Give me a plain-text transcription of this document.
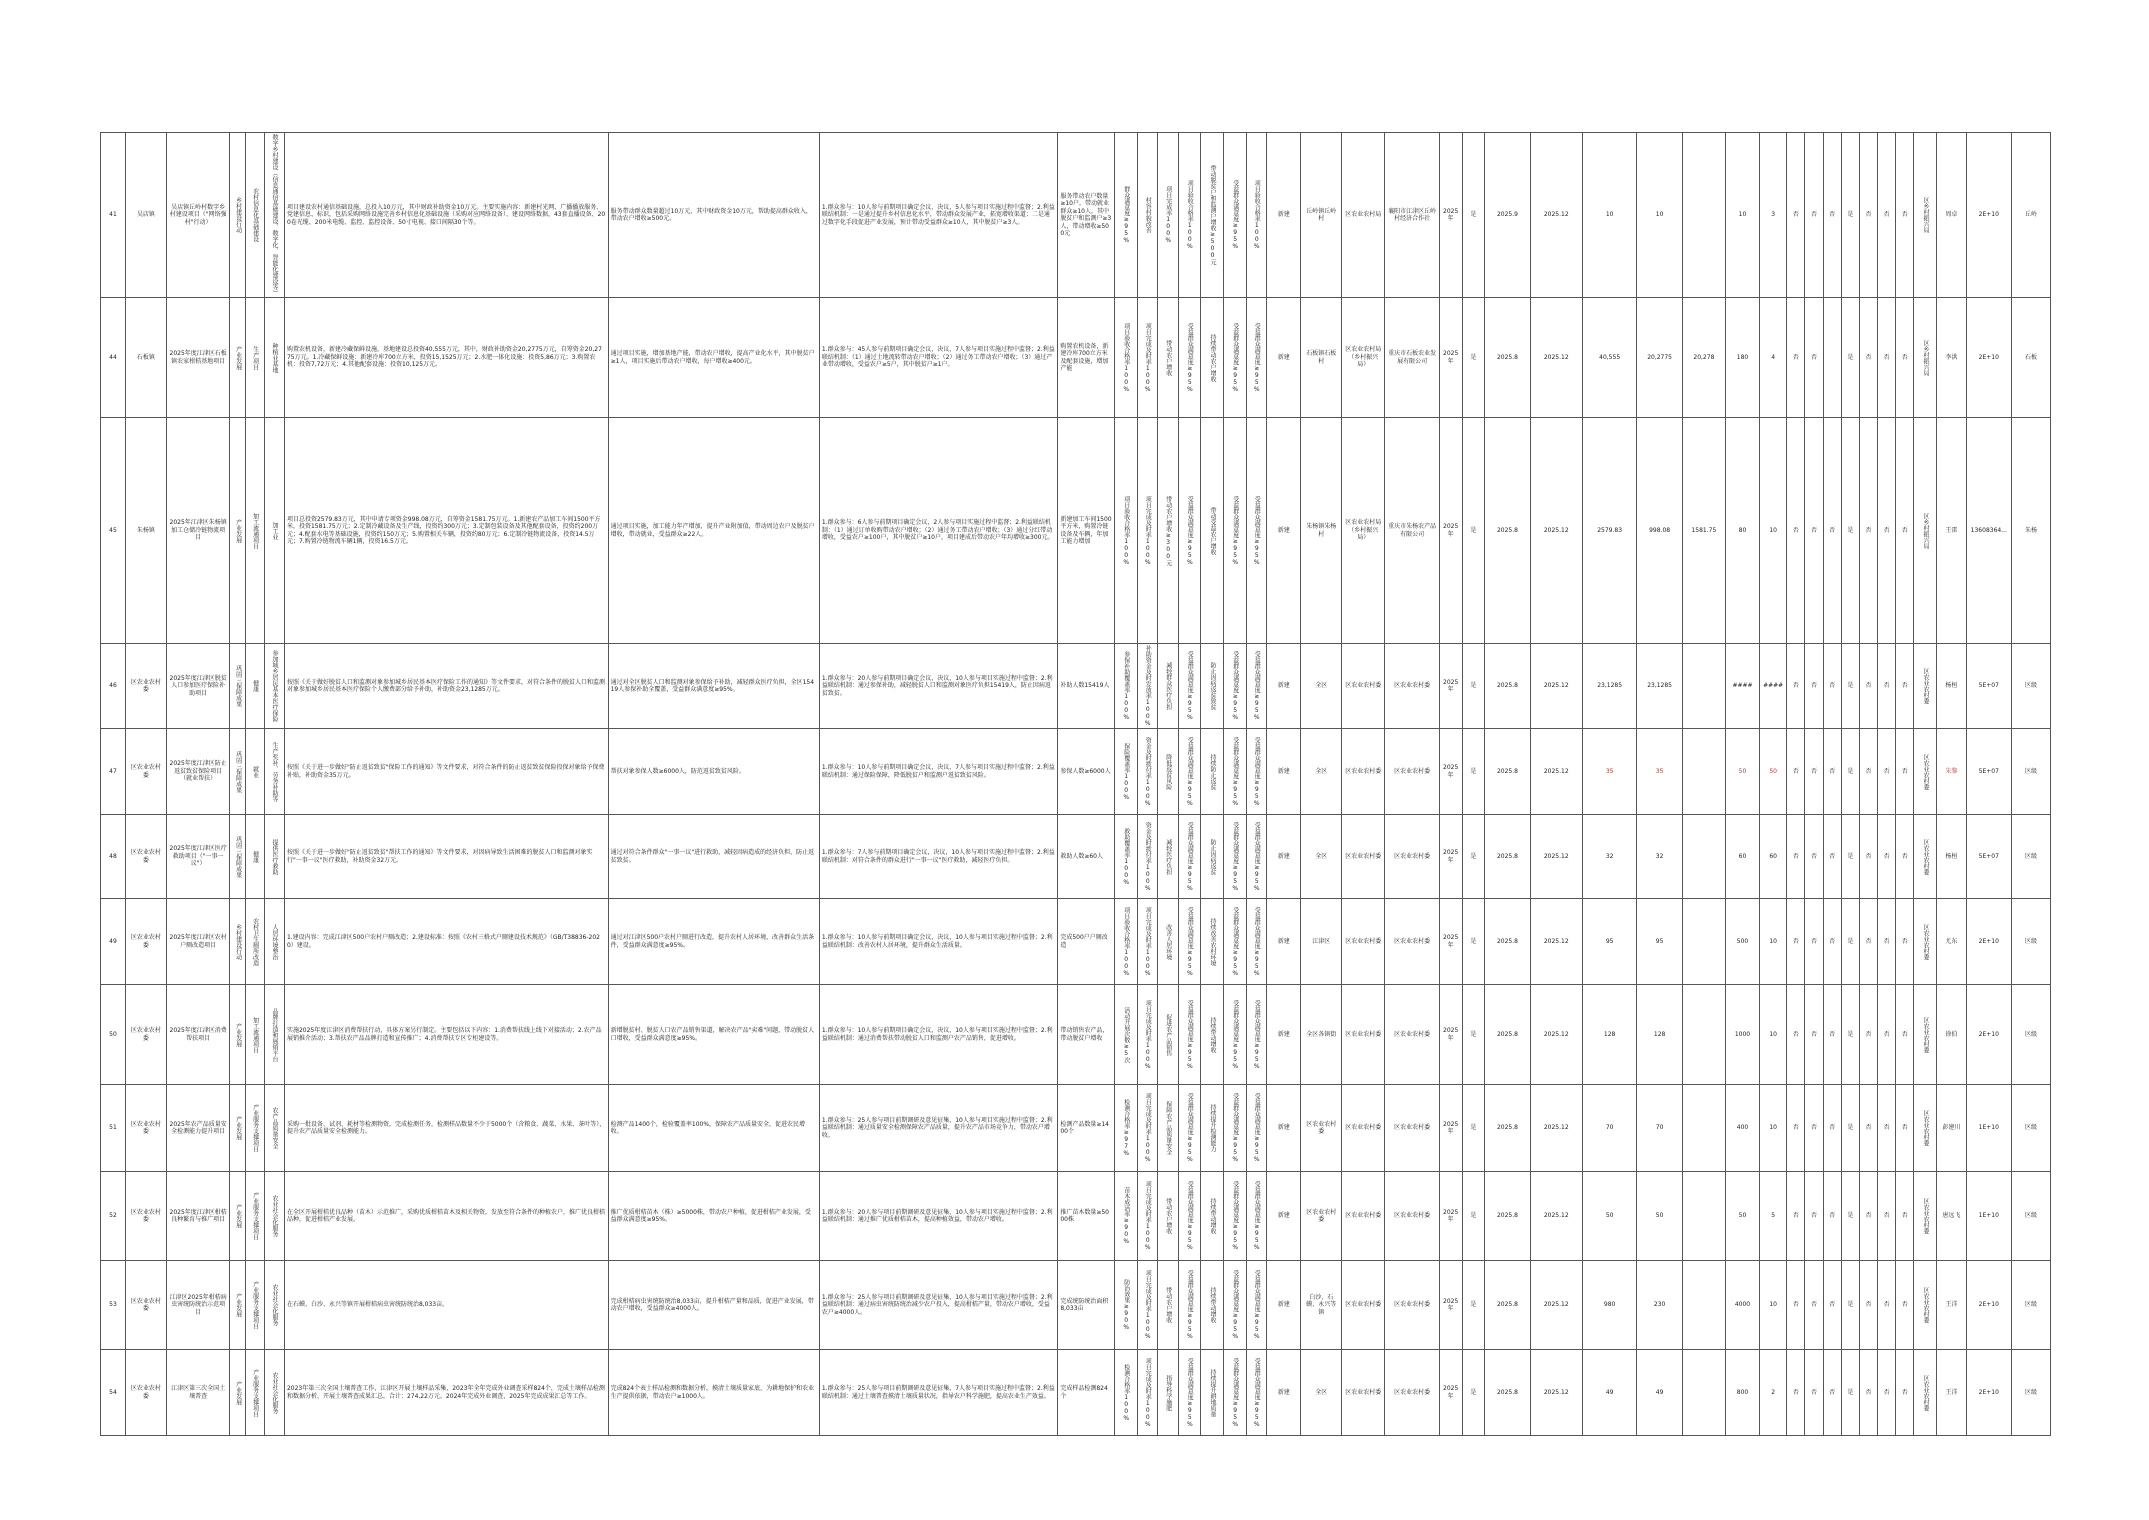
41	吴店镇	吴店镇丘岭村数字乡村建设项目（"网络强村"行动）	乡村建设行动	农村信息化基础建设	数字乡村建设（信息通信基础建设、数字化、智能化建设等）	项目建设农村通信基础设施，总投入10万元，其中财政补助资金10万元。主要实施内容：新建村光网、广播播放服务、党建信息、标识，包括采购网络设施完善乡村信息化基础设施（采购对应网络设备）、建设网络数据，43套直播设备、200卷光缆、200米电缆、监控、监控设备、50寸电视、接口间隔30个等。	服务带动群众数量超过10万元，其中财政资金10万元，帮助提高群众收入，带动农户增收≥500元。	1.群众参与：10人参与前期项目确定会议、决议，5人参与项目实施过程中监督；2.利益联结机制：一是通过提升乡村信息化水平，带动群众发展产业，拓宽增收渠道；二是通过数字化手段促进产业发展，预计带动受益群众≥10人，其中脱贫户≥3人。	服务带动农户数量≥10户，带动就业群众≥10人，其中脱贫户和监测户≥3人，带动增收≥500元	群众满意度≥95%	村容村貌改善	项目完成率100%	项目验收合格率100%	带动脱贫户和监测户增收≥500元	受益群众满意度≥95%	项目验收合格率100%	新建	丘岭镇丘岭村	区农业农村局	襄阳市江津区丘岭村经济合作社	2025年	是	2025.9	2025.12	10	10		10	3	否	否	否	是	否	否	否	区乡村振兴局	周卓	2E+10	丘岭
44	石板镇	2025年度江津区石板镇农家柑桔基地项目	产业发展	生产项目	种植业基地	购置农机设备，新建冷藏保鲜设施，基地建设总投资40,555万元，其中，财政补助资金20,2775万元，自筹资金20,2775万元。1.冷藏保鲜设施：新建冷库700立方米，投资15,1525万元；2.水肥一体化设施：投资5,86万元；3.购置农机：投资7,72万元；4.其他配套设施：投资10,125万元。	通过项目实施，增加基地产能，带动农户增收，提高产业化水平，其中脱贫户≥1人，项目实施后带动农户增收，每户增收≥400元。	1.群众参与：45人参与前期项目确定会议，决议，7人参与项目实施过程中监督；2.利益联结机制：（1）通过土地流转带动农户增收；（2）通过务工带动农户增收；（3）通过产业带动增收，受益农户≥5户，其中脱贫户≥1户。	购置农机设备，新建冷库700立方米及配套设施，增加产能	项目验收合格率100%	项目完成及时率100%	带动农户增收	受益群众满意度≥95%	持续带动农户增收	受益群众满意度≥95%	受益群众满意度≥95%	新建	石板镇石板村	区农业农村局（乡村振兴局）	重庆市石板农业发展有限公司	2025年	是	2025.8	2025.12	40,555	20,2775	20,278	180	4	否	否		是	否	否	否	区乡村振兴局	李洪	2E+10	石板
45	朱杨镇	2025年江津区朱杨镇加工仓储冷链物流项目	产业发展	加工流通项目	加工业	项目总投资2579.83万元，其中申请专项资金998.08万元，自筹资金1581.75万元。1.新建农产品加工车间1500平方米，投资1581.75万元；2.定制冷藏设备及生产线，投资约300万元；3.定制包装设备及其他配套设备，投资约200万元；4.配套水电等基础设施，投资约150万元；5.购置相关车辆，投资约80万元；6.定制冷链物流设备，投资14.5万元；7.购置冷链物流车辆1辆，投资16.5万元。	通过项目实施，加工能力年产增加，提升产业附加值，带动周边农户及脱贫户增收，带动就业，受益群众≥22人。	1.群众参与：6人参与前期项目确定会议，2人参与项目实施过程中监督；2.利益联结机制：（1）通过订单收购带动农户增收；（2）通过务工带动农户增收；（3）通过分红带动增收，受益农户≥100户，其中脱贫户≥10户，项目建成后带动农户年均增收≥300元。	新建加工车间1500平方米，购置冷链设备及车辆，年加工能力增加	项目验收合格率100%	项目完成及时率100%	带动农户增收≥300元	受益群众满意度≥95%	带动受益农户增收	受益群众满意度≥95%	受益群众满意度≥95%	新建	朱杨镇朱杨村	区农业农村局（乡村振兴局）	重庆市朱杨农产品有限公司	2025年	是	2025.8	2025.12	2579.83	998.08	1581.75	80	10	否	否	否	是	否	否	否	区乡村振兴局	王雷	13608364...	朱杨
46	区农业农村委	2025年度江津区脱贫人口参加医疗保险补助项目	巩固三保障成果	健康	参加城乡居民基本医疗保险	按照《关于做好脱贫人口和监测对象参加城乡居民基本医疗保险工作的通知》等文件要求，对符合条件的脱贫人口和监测对象参加城乡居民基本医疗保险个人缴费部分给予补助，补助资金23,1285万元。	通过对全区脱贫人口和监测对象参保给予补助，减轻群众医疗负担，全区15419人参保补助全覆盖，受益群众满意度≥95%。	1.群众参与：20人参与前期项目确定会议，决议，10人参与项目实施过程中监督；2.利益联结机制：通过参保补助，减轻脱贫人口和监测对象医疗负担15419人，防止因病返贫致贫。	补助人数15419人	参保补助覆盖率100%	补助资金及时发放率100%	减轻群众医疗负担	受益群众满意度≥95%	防止因病返贫致贫	受益群众满意度≥95%	受益群众满意度≥95%	新建	全区	区农业农村委	区农业农村委	2025年	是	2025.8	2025.12	23,1285	23,1285		####	####	否	否	否	是	否	否	否	区农业农村委	杨桓	5E+07	区级
47	区农业农村委	2025年度江津区防止返贫致贫保险项目（就业帮扶）	巩固三保障成果	就业	生产奖补、劳务补助等	按照《关于进一步做好"防止返贫致贫"保险工作的通知》等文件要求，对符合条件的防止返贫致贫保险投保对象给予保费补贴，补助资金35万元。	帮扶对象参保人数≥6000人，防范返贫致贫风险。	1.群众参与：10人参与前期项目确定会议，决议，7人参与项目实施过程中监督；2.利益联结机制：通过保险保障，降低脱贫户和监测户返贫致贫风险。	参保人数≥6000人	保险覆盖率100%	资金及时拨付率100%	降低返贫风险	受益群众满意度≥95%	持续防止返贫	受益群众满意度≥95%	受益群众满意度≥95%	新建	全区	区农业农村委	区农业农村委	2025年	是	2025.8	2025.12	35	35		50	50	否	否	否	是	否	否	否	区农业农村委	朱黎	5E+07	区级
48	区农业农村委	2025年度江津区医疗救助项目（"一事一议"）	巩固三保障成果	健康	提供医疗救助	按照《关于进一步做好"防止返贫致贫"帮扶工作的通知》等文件要求，对因病导致生活困难的脱贫人口和监测对象实行"一事一议"医疗救助，补助资金32万元。	通过对符合条件群众"一事一议"进行救助，减轻因病造成的经济负担，防止返贫致贫。	1.群众参与：7人参与前期项目确定会议，决议，10人参与项目实施过程中监督；2.利益联结机制：对符合条件的群众进行"一事一议"医疗救助，减轻医疗负担。	救助人数≥60人	救助覆盖率100%	资金及时拨付率100%	减轻医疗负担	受益群众满意度≥95%	防止因病返贫	受益群众满意度≥95%	受益群众满意度≥95%	新建	全区	区农业农村委	区农业农村委	2025年	是	2025.8	2025.12	32	32		60	60	否	否	否	是	否	否	否	区农业农村委	杨桓	5E+07	区级
49	区农业农村委	2025年度江津区农村户厕改造项目	乡村建设行动	农村卫生厕所改造	人居环境整治	1.建设内容：完成江津区500户农村户厕改造；2.建设标准：按照《农村三格式户厕建设技术规范》（GB/T38836-2020）建设。	通过对江津区500户农村户厕进行改造，提升农村人居环境，改善群众生活条件，受益群众满意度≥95%。	1.群众参与：10人参与前期项目确定会议，决议，10人参与项目实施过程中监督；2.利益联结机制：改善农村人居环境，提升群众生活质量。	完成500户户厕改造	项目验收合格率100%	项目完成及时率100%	改善人居环境	受益群众满意度≥95%	持续改善农村环境	受益群众满意度≥95%	受益群众满意度≥95%	新建	江津区	区农业农村委	区农业农村委	2025年	是	2025.8	2025.12	95	95		500	10	否	否	否	是	否	否	否	区农业农村委	尤东	2E+10	区级
50	区农业农村委	2025年度江津区消费帮扶项目	产业发展	加工流通项目	品牌打造和展销平台	实施2025年度江津区消费帮扶行动，具体方案另行制定。主要包括以下内容：1.消费帮扶线上线下对接活动；2.农产品展销推介活动；3.帮扶农产品品牌打造和宣传推广；4.消费帮扶专区专柜建设等。	新增脱贫村、脱贫人口农产品销售渠道，解决农产品"卖难"问题，带动脱贫人口增收，受益群众满意度≥95%。	1.群众参与：10人参与前期项目确定会议，决议，10人参与项目实施过程中监督；2.利益联结机制：通过消费帮扶带动脱贫人口和监测户农产品销售，促进增收。	带动销售农产品，带动脱贫户增收	活动开展次数≥5次	项目完成及时率100%	促进农产品销售	受益群众满意度≥95%	持续带动增收	受益群众满意度≥95%	受益群众满意度≥95%	新建	全区各镇街	区农业农村委	区农业农村委	2025年	是	2025.8	2025.12	128	128		1000	10	否	否	否	是	否	否	否	区农业农村委	徐伯	2E+10	区级
51	区农业农村委	2025年农产品质量安全检测能力提升项目	产业发展	产业服务支撑项目	农产品质量安全	采购一批设备、试剂、耗材等检测物资，完成检测任务，检测样品数量不少于5000个（含粮食、蔬菜、水果、茶叶等），提升农产品质量安全检测能力。	检测产品1400个，检验覆盖率100%，保障农产品质量安全，促进农民增收。	1.群众参与：25人参与项目前期调研及意见征集，10人参与项目实施过程中监督；2.利益联结机制：通过质量安全检测保障农产品质量，提升农产品市场竞争力，带动农户增收。	检测产品数量≥1400个	检测合格率≥97%	项目完成及时率100%	保障农产品质量安全	受益群众满意度≥95%	持续提升检测能力	受益群众满意度≥95%	受益群众满意度≥95%	新建	区农业农村委	区农业农村委	区农业农村委	2025年	是	2025.8	2025.12	70	70		400	10	否	否	否	是	否	否	否	区农业农村委	彭建川	1E+10	区级
52	区农业农村委	2025年度江津区柑桔良种繁育与推广项目	产业发展	产业服务支撑项目	农业社会化服务	在全区开展柑桔优良品种（苗木）示范推广，采购优质柑桔苗木及相关物资，发放至符合条件的种植农户，推广优良柑桔品种，促进柑桔产业发展。	推广优质柑桔苗木（株）≥5000株，带动农户种植，促进柑桔产业发展，受益群众满意度≥95%。	1.群众参与：20人参与项目前期调研及意见征集，10人参与项目实施过程中监督；2.利益联结机制：通过推广优质柑桔苗木，提高种植效益，带动农户增收。	推广苗木数量≥5000株	苗木成活率≥90%	项目完成及时率100%	带动农户增收	受益群众满意度≥95%	持续带动增收	受益群众满意度≥95%	受益群众满意度≥95%	新建	区农业农村委	区农业农村委	区农业农村委	2025年	是	2025.8	2025.12	50	50		50	5	否	否	否	是	否	否	否	区农业农村委	唐远飞	1E+10	区级
53	区农业农村委	江津区2025年柑桔病虫害统防统治示范项目	产业发展	产业服务支撑项目	农业社会化服务	在石蟆、白沙、永兴等镇开展柑桔病虫害统防统治8,033亩。	完成柑桔病虫害统防统治8,033亩，提升柑桔产量和品质，促进产业发展，带动农户增收，受益群众≥4000人。	1.群众参与：25人参与项目前期调研及意见征集，10人参与项目实施过程中监督；2.利益联结机制：通过病虫害统防统治减少农户投入，提高柑桔产量，带动农户增收，受益农户≥4000人。	完成统防统治面积8,033亩	防治效果≥90%	项目完成及时率100%	带动农户增收	受益群众满意度≥95%	持续带动增收	受益群众满意度≥95%	受益群众满意度≥95%	新建	白沙、石蟆、永兴等镇	区农业农村委	区农业农村委	2025年	是	2025.8	2025.12	980	230		4000	10	否	否	否	是	否	否	否	区农业农村委	王洋	2E+10	区级
54	区农业农村委	江津区第三次全国土壤普查	产业发展	产业服务支撑项目	农业社会化服务	2023年第三次全国土壤普查工作，江津区开展土壤样品采集，2023年全年完成外业调查采样824个，完成土壤样品检测和数据分析，开展土壤普查成果汇总，合计：274,22万元。2024年完成外业调查，2025年完成成果汇总等工作。	完成824个表土样品检测和数据分析，摸清土壤质量家底，为耕地保护和农业生产提供依据，带动农户≥1000人。	1.群众参与：25人参与项目前期调研及意见征集，7人参与项目实施过程中监督；2.利益联结机制：通过土壤普查摸清土壤质量状况，指导农户科学施肥，提高农业生产效益。	完成样品检测824个	检测合格率100%	项目完成及时率100%	指导科学施肥	受益群众满意度≥95%	持续提升耕地质量	受益群众满意度≥95%	受益群众满意度≥95%	新建	全区	区农业农村委	区农业农村委	2025年	是	2025.8	2025.12	49	49		800	2	否	否	否	是	否	否	否	区农业农村委	王洋	2E+10	区级
